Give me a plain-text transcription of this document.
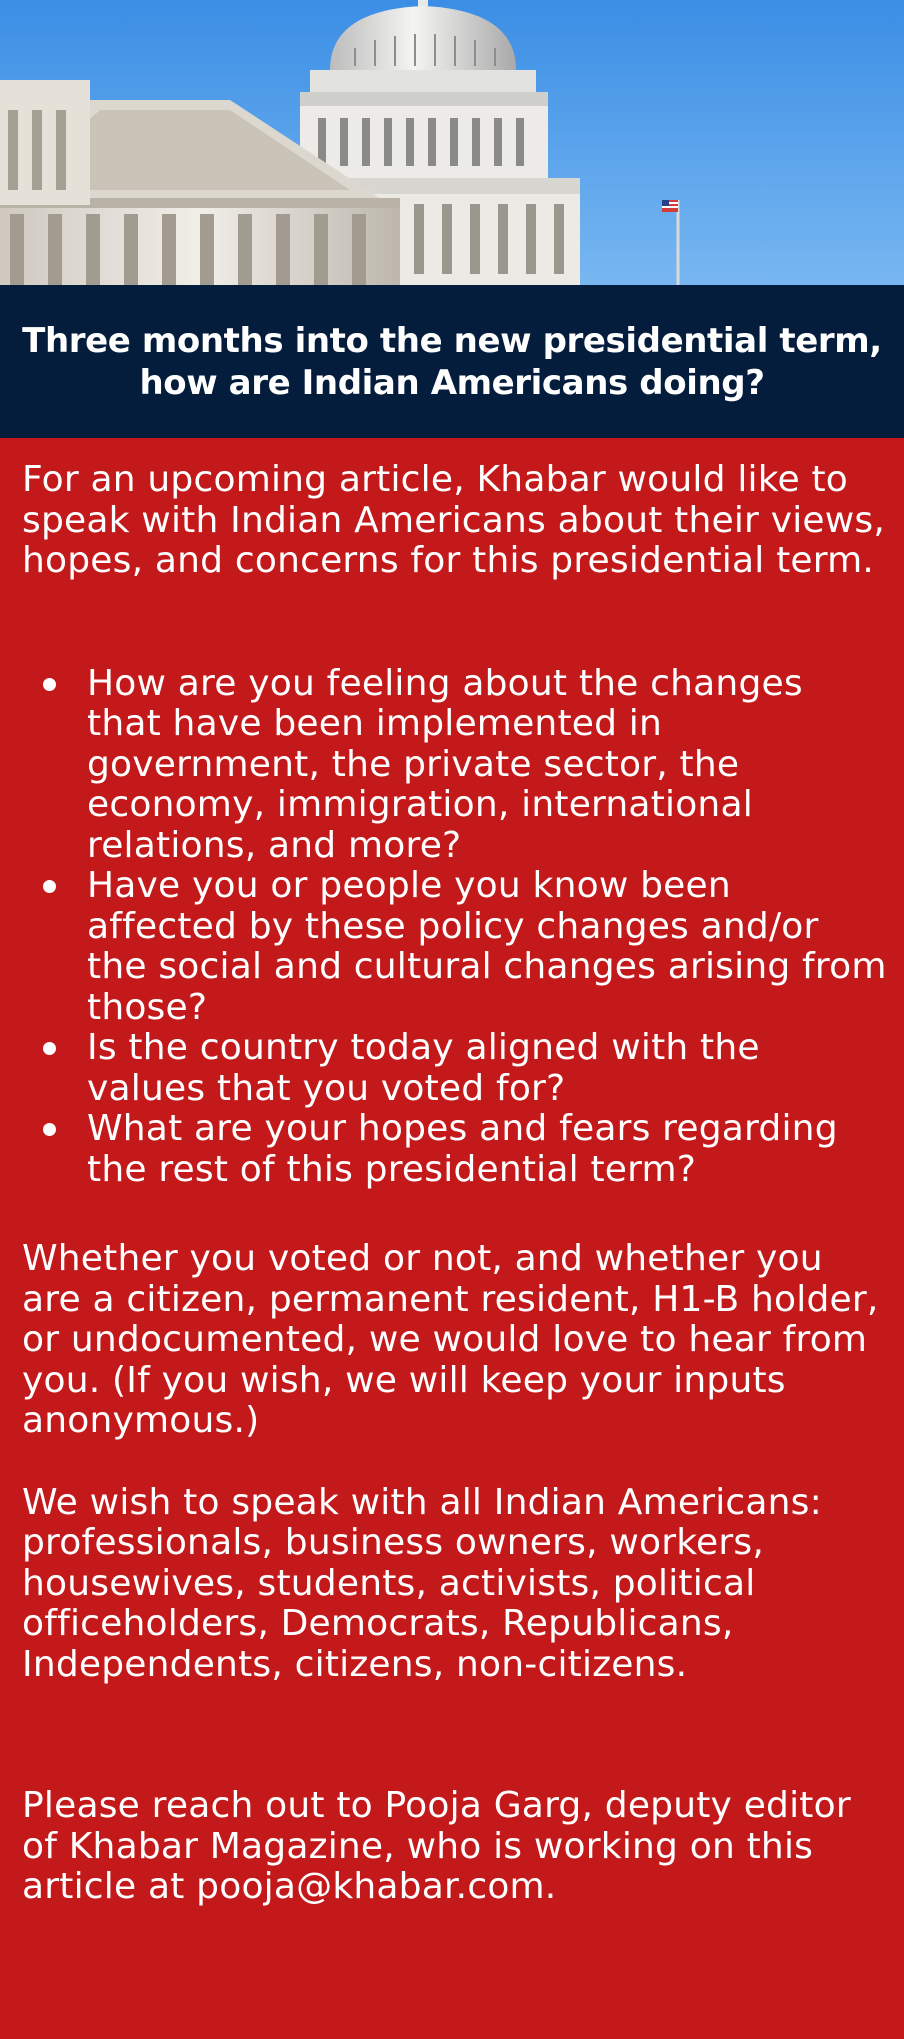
Three months into the new presidential term,
how are Indian Americans doing?

For an upcoming article, Khabar would like to speak with Indian Americans about their views, hopes, and concerns for this presidential term.

How are you feeling about the changes that have been implemented in government, the private sector, the economy, immigration, international relations, and more?
Have you or people you know been affected by these policy changes and/or the social and cultural changes arising from those?
Is the country today aligned with the values that you voted for?
What are your hopes and fears regarding the rest of this presidential term?

Whether you voted or not, and whether you are a citizen, permanent resident, H1-B holder, or undocumented, we would love to hear from you. (If you wish, we will keep your inputs anonymous.)

We wish to speak with all Indian Americans: professionals, business owners, workers, housewives, students, activists, political officeholders, Democrats, Republicans, Independents, citizens, non-citizens.

Please reach out to Pooja Garg, deputy editor of Khabar Magazine, who is working on this article at pooja@khabar.com.
